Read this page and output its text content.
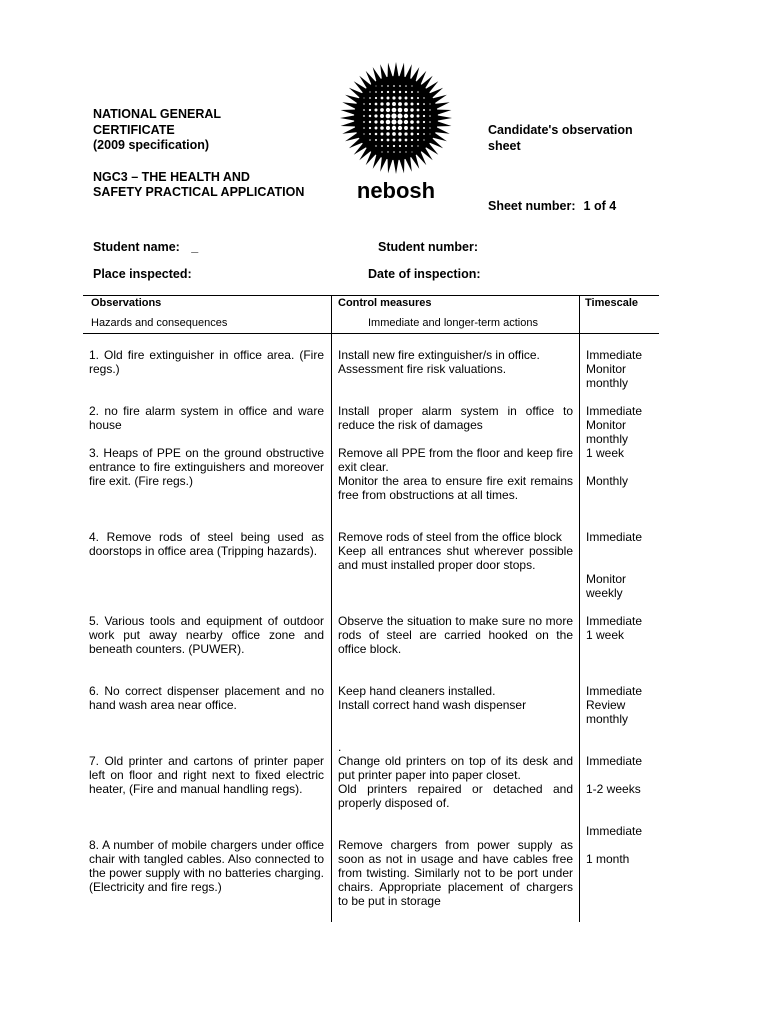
NATIONAL GENERAL
CERTIFICATE
(2009 specification)
NGC3 – THE HEALTH AND
SAFETY PRACTICAL APPLICATION nebosh
Candidate's observation
sheet
Sheet number: 1 of 4
Student name: _	Student number:
Place inspected:	Date of inspection:
Observations
Hazards and consequences
Control measures
Immediate and longer-term actions
Timescale
1. Old fire extinguisher in office area. (Fire regs.)
Install new fire extinguisher/s in office.
Assessment fire risk valuations.
Immediate
Monitor monthly
2. no fire alarm system in office and ware house
Install proper alarm system in office to reduce the risk of damages
Immediate
Monitor monthly
3. Heaps of PPE on the ground obstructive entrance to fire extinguishers and moreover fire exit. (Fire regs.)
Remove all PPE from the floor and keep fire exit clear.
Monitor the area to ensure fire exit remains free from obstructions at all times.
1 week
Monthly
4. Remove rods of steel being used as doorstops in office area (Tripping hazards).
Remove rods of steel from the office block
Keep all entrances shut wherever possible and must installed proper door stops.
Immediate
Monitor weekly
5. Various tools and equipment of outdoor work put away nearby office zone and beneath counters. (PUWER).
Observe the situation to make sure no more rods of steel are carried hooked on the office block.
Immediate
1 week
6. No correct dispenser placement and no hand wash area near office.
Keep hand cleaners installed.
Install correct hand wash dispenser
Immediate
Review monthly
7. Old printer and cartons of printer paper left on floor and right next to fixed electric heater, (Fire and manual handling regs).
.
Change old printers on top of its desk and put printer paper into paper closet.
Old printers repaired or detached and properly disposed of.
Immediate
1-2 weeks
8. A number of mobile chargers under office chair with tangled cables. Also connected to the power supply with no batteries charging. (Electricity and fire regs.)
Remove chargers from power supply as soon as not in usage and have cables free from twisting. Similarly not to be port under chairs. Appropriate placement of chargers to be put in storage
Immediate
1 month
